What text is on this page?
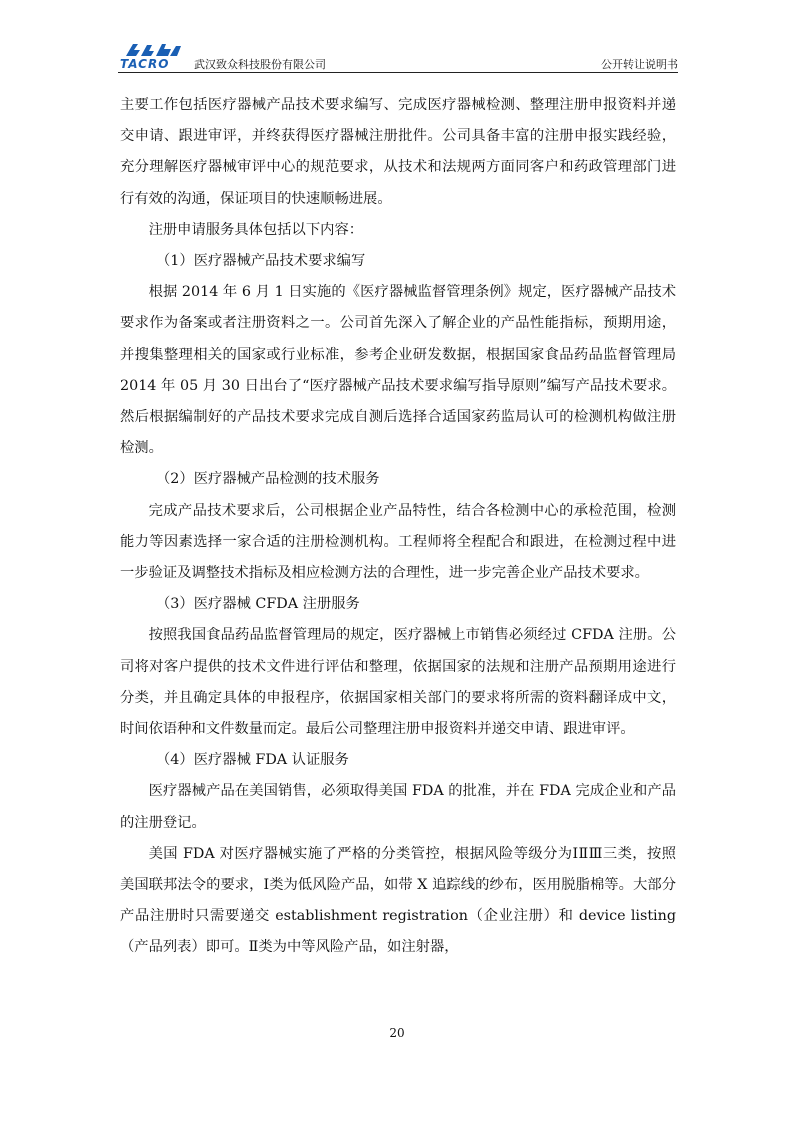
TACRO	武汉致众科技股份有限公司	公开转让说明书

主要工作包括医疗器械产品技术要求编写、完成医疗器械检测、整理注册申报资料并递交申请、跟进审评，并终获得医疗器械注册批件。公司具备丰富的注册申报实践经验，充分理解医疗器械审评中心的规范要求，从技术和法规两方面同客户和药政管理部门进行有效的沟通，保证项目的快速顺畅进展。

注册申请服务具体包括以下内容：

（1）医疗器械产品技术要求编写

根据 2014 年 6 月 1 日实施的《医疗器械监督管理条例》规定，医疗器械产品技术要求作为备案或者注册资料之一。公司首先深入了解企业的产品性能指标，预期用途，并搜集整理相关的国家或行业标准，参考企业研发数据，根据国家食品药品监督管理局 2014 年 05 月 30 日出台了“医疗器械产品技术要求编写指导原则”编写产品技术要求。然后根据编制好的产品技术要求完成自测后选择合适国家药监局认可的检测机构做注册检测。

（2）医疗器械产品检测的技术服务

完成产品技术要求后，公司根据企业产品特性，结合各检测中心的承检范围，检测能力等因素选择一家合适的注册检测机构。工程师将全程配合和跟进，在检测过程中进一步验证及调整技术指标及相应检测方法的合理性，进一步完善企业产品技术要求。

（3）医疗器械 CFDA 注册服务

按照我国食品药品监督管理局的规定，医疗器械上市销售必须经过 CFDA 注册。公司将对客户提供的技术文件进行评估和整理，依据国家的法规和注册产品预期用途进行分类，并且确定具体的申报程序，依据国家相关部门的要求将所需的资料翻译成中文，时间依语种和文件数量而定。最后公司整理注册申报资料并递交申请、跟进审评。

（4）医疗器械 FDA 认证服务

医疗器械产品在美国销售，必须取得美国 FDA 的批准，并在 FDA 完成企业和产品的注册登记。

美国 FDA 对医疗器械实施了严格的分类管控，根据风险等级分为ⅠⅡⅢ三类，按照美国联邦法令的要求，Ⅰ类为低风险产品，如带 X 追踪线的纱布，医用脱脂棉等。大部分产品注册时只需要递交 establishment registration（企业注册）和 device listing（产品列表）即可。Ⅱ类为中等风险产品，如注射器，

20
